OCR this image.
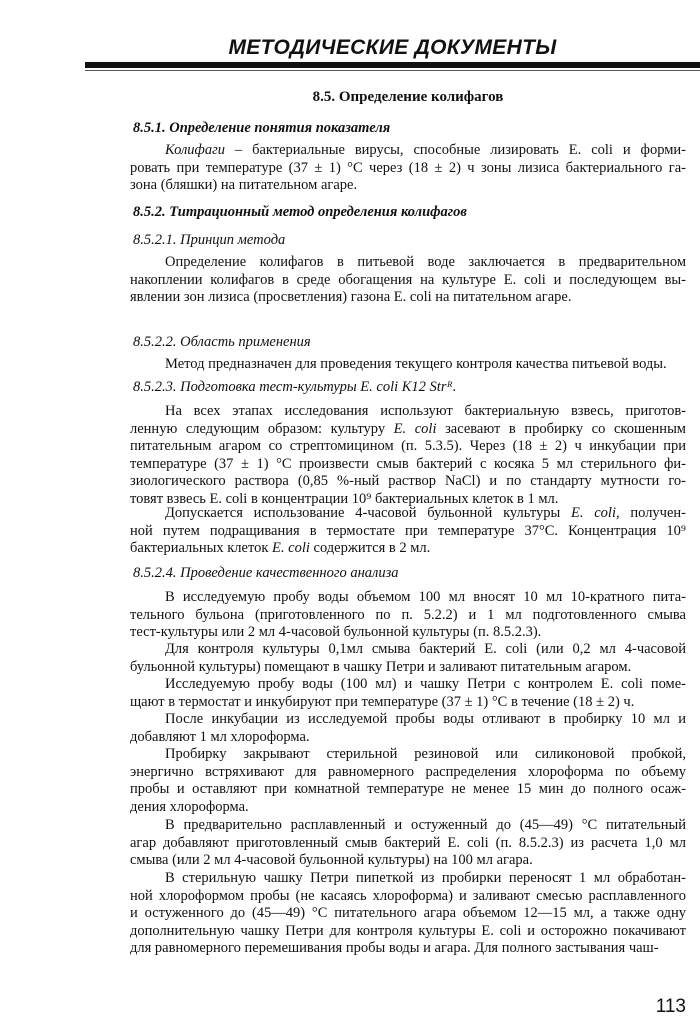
МЕТОДИЧЕСКИЕ ДОКУМЕНТЫ
8.5. Определение колифагов
8.5.1. Определение понятия показателя
Колифаги – бактериальные вирусы, способные лизировать E. coli и форми-
ровать при температуре (37 ± 1) °С через (18 ± 2) ч зоны лизиса бактериального га-
зона (бляшки) на питательном агаре.
8.5.2. Титрационный метод определения колифагов
8.5.2.1. Принцип метода
Определение колифагов в питьевой воде заключается в предварительном
накоплении колифагов в среде обогащения на культуре E. coli и последующем вы-
явлении зон лизиса (просветления) газона E. coli на питательном агаре.
8.5.2.2. Область применения
Метод предназначен для проведения текущего контроля качества питьевой воды.
8.5.2.3. Подготовка тест-культуры E. coli K12 Strᴿ.
На всех этапах исследования используют бактериальную взвесь, приготов-
ленную следующим образом: культуру E. coli засевают в пробирку со скошенным
питательным агаром со стрептомицином (п. 5.3.5). Через (18 ± 2) ч инкубации при
температуре (37 ± 1) °С произвести смыв бактерий с косяка 5 мл стерильного фи-
зиологического раствора (0,85 %-ный раствор NaCl) и по стандарту мутности го-
товят взвесь E. coli в концентрации 10⁹ бактериальных клеток в 1 мл.
Допускается использование 4-часовой бульонной культуры E. coli, получен-
ной путем подращивания в термостате при температуре 37°С. Концентрация 10⁹
бактериальных клеток E. coli содержится в 2 мл.
8.5.2.4. Проведение качественного анализа
В исследуемую пробу воды объемом 100 мл вносят 10 мл 10-кратного пита-
тельного бульона (приготовленного по п. 5.2.2) и 1 мл подготовленного смыва
тест-культуры или 2 мл 4-часовой бульонной культуры (п. 8.5.2.3).
Для контроля культуры 0,1мл смыва бактерий E. coli (или 0,2 мл 4-часовой
бульонной культуры) помещают в чашку Петри и заливают питательным агаром.
Исследуемую пробу воды (100 мл) и чашку Петри с контролем E. coli поме-
щают в термостат и инкубируют при температуре (37 ± 1) °С в течение (18 ± 2) ч.
После инкубации из исследуемой пробы воды отливают в пробирку 10 мл и
добавляют 1 мл хлороформа.
Пробирку закрывают стерильной резиновой или силиконовой пробкой,
энергично встряхивают для равномерного распределения хлороформа по объему
пробы и оставляют при комнатной температуре не менее 15 мин до полного осаж-
дения хлороформа.
В предварительно расплавленный и остуженный до (45—49) °С питательный
агар добавляют приготовленный смыв бактерий E. coli (п. 8.5.2.3) из расчета 1,0 мл
смыва (или 2 мл 4-часовой бульонной культуры) на 100 мл агара.
В стерильную чашку Петри пипеткой из пробирки переносят 1 мл обработан-
ной хлороформом пробы (не касаясь хлороформа) и заливают смесью расплавленного
и остуженного до (45—49) °С питательного агара объемом 12—15 мл, а также одну
дополнительную чашку Петри для контроля культуры E. coli и осторожно покачивают
для равномерного перемешивания пробы воды и агара. Для полного застывания чаш-
113
